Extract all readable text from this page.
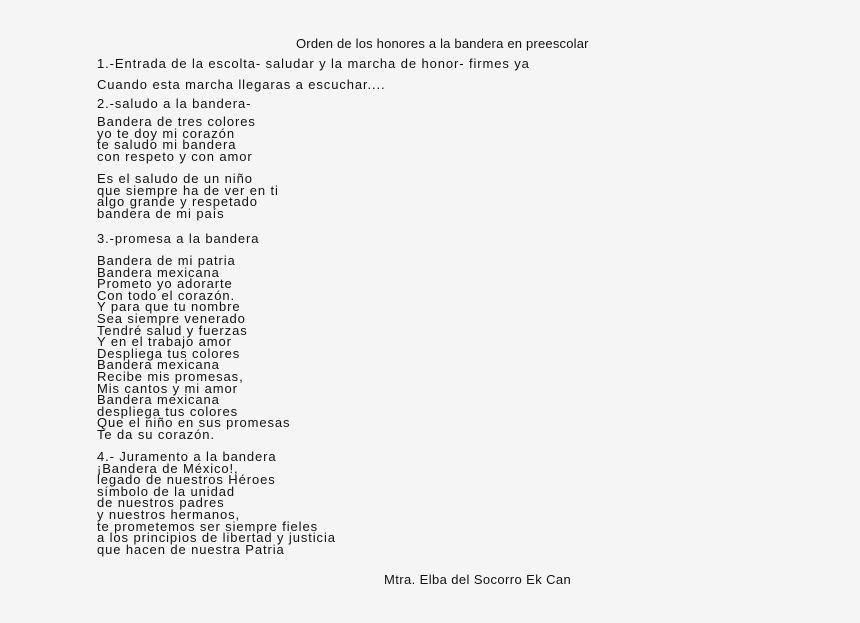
Orden de los honores a la bandera en preescolar
1.-Entrada de la escolta- saludar y la marcha de honor- firmes ya
Cuando esta marcha llegaras a escuchar....
2.-saludo a la bandera-
Bandera de tres colores
yo te doy mi corazón
te saludo mi bandera
con respeto y con amor
Es el saludo de un niño
que siempre ha de ver en ti
algo grande y respetado
bandera de mi país
3.-promesa a la bandera
Bandera de mi patria
Bandera mexicana
Prometo yo adorarte
Con todo el corazón.
Y para que tu nombre
Sea siempre venerado
Tendré salud y fuerzas
Y en el trabajo amor
Despliega tus colores
Bandera mexicana
Recibe mis promesas,
Mis cantos y mi amor
Bandera mexicana
despliega tus colores
Que el niño en sus promesas
Te da su corazón.
4.- Juramento a la bandera
¡Bandera de México!,
legado de nuestros Héroes
símbolo de la unidad
de nuestros padres
y nuestros hermanos,
te prometemos ser siempre fieles
a los principios de libertad y justicia
que hacen de nuestra Patria
Mtra. Elba del Socorro Ek Can
